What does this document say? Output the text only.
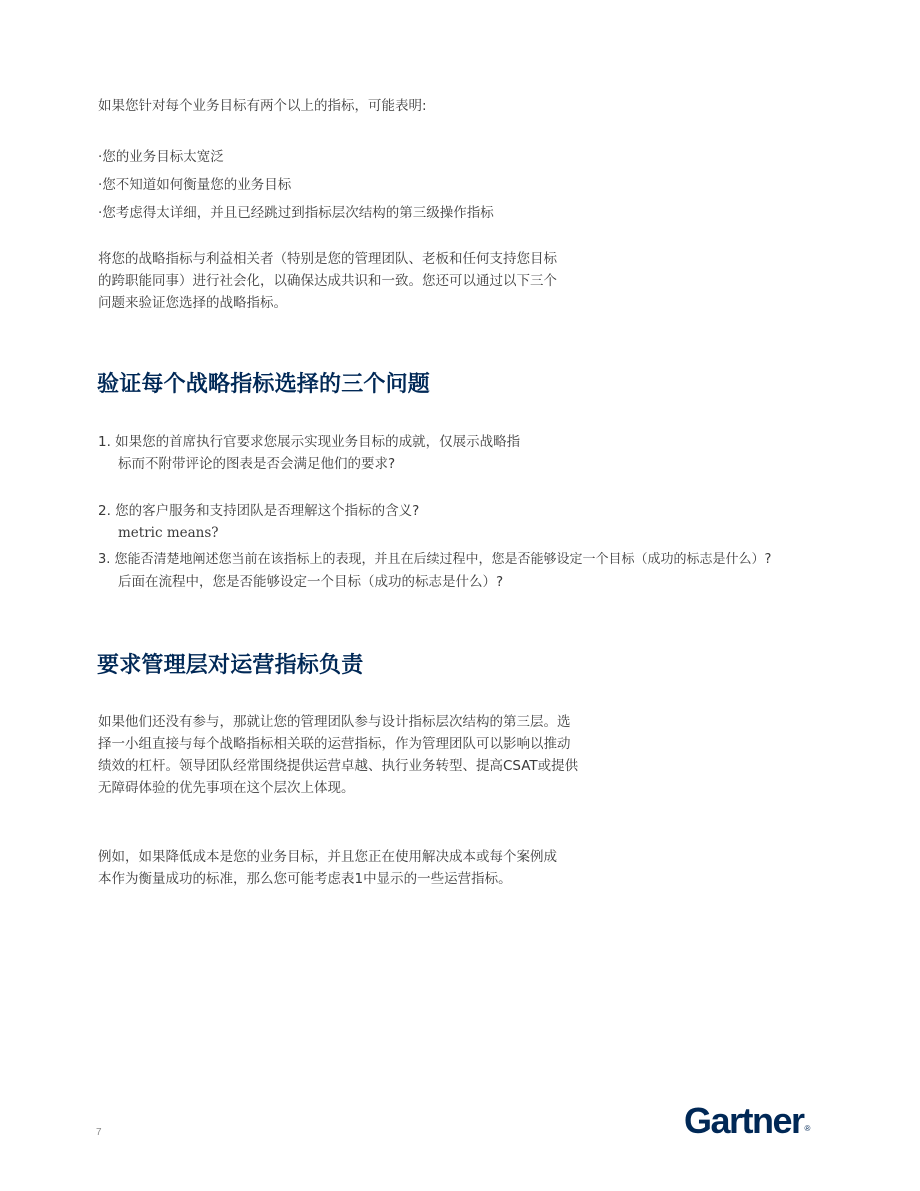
如果您针对每个业务目标有两个以上的指标，可能表明:

·您的业务目标太宽泛
·您不知道如何衡量您的业务目标
·您考虑得太详细，并且已经跳过到指标层次结构的第三级操作指标
将您的战略指标与利益相关者（特别是您的管理团队、老板和任何支持您目标
的跨职能同事）进行社会化，以确保达成共识和一致。您还可以通过以下三个
问题来验证您选择的战略指标。
验证每个战略指标选择的三个问题
1. 如果您的首席执行官要求您展示实现业务目标的成就，仅展示战略指
标而不附带评论的图表是否会满足他们的要求?
2. 您的客户服务和支持团队是否理解这个指标的含义?
metric means?
3. 您能否清楚地阐述您当前在该指标上的表现，并且在后续过程中，您是否能够设定一个目标（成功的标志是什么）?
后面在流程中，您是否能够设定一个目标（成功的标志是什么）?
要求管理层对运营指标负责
如果他们还没有参与，那就让您的管理团队参与设计指标层次结构的第三层。选
择一小组直接与每个战略指标相关联的运营指标，作为管理团队可以影响以推动
绩效的杠杆。领导团队经常围绕提供运营卓越、执行业务转型、提高CSAT或提供
无障碍体验的优先事项在这个层次上体现。
例如，如果降低成本是您的业务目标，并且您正在使用解决成本或每个案例成
本作为衡量成功的标准，那么您可能考虑表1中显示的一些运营指标。
7	Gartner®
